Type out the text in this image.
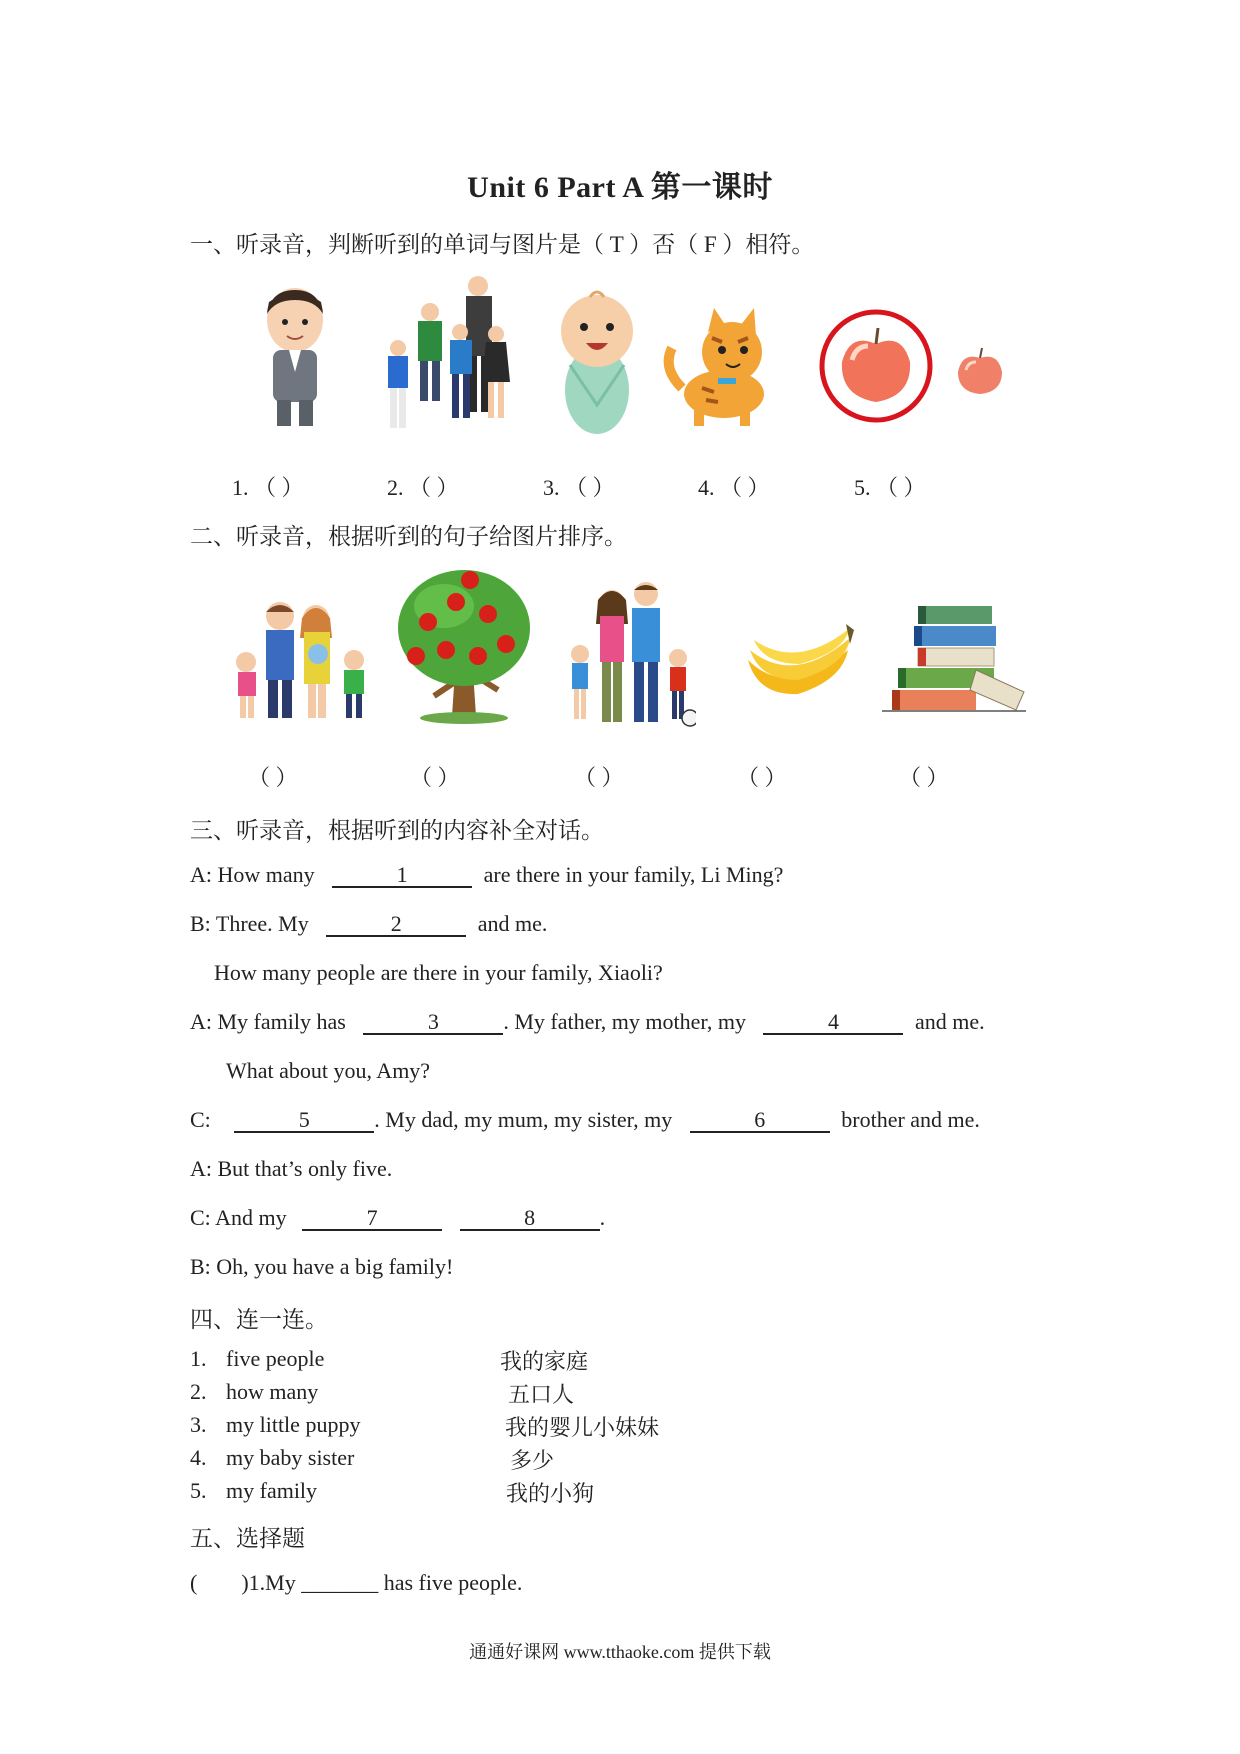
Unit 6 Part A 第一课时
一、听录音，判断听到的单词与图片是（ T ）否（ F ）相符。
1. （ ）	2. （ ）	3. （ ）	4. （ ）	5. （ ）
二、听录音，根据听到的句子给图片排序。
（ ）	（ ）	（ ）	（ ）	（ ）
三、听录音，根据听到的内容补全对话。
A: How many	1	are there in your family, Li Ming?
B: Three. My	2	and me.
How many people are there in your family, Xiaoli?
A: My family has	3	. My father, my mother, my	4	and me.
What about you, Amy?
C:	5	. My dad, my mum, my sister, my	6	brother and me.
A: But that’s only five.
C: And my	7	8	.
B: Oh, you have a big family!
四、连一连。
1. five people
2. how many
3. my little puppy
4. my baby sister
5. my family
我的家庭
五口人
我的婴儿小妹妹
多少
我的小狗
五、选择题
(        )1.My _______ has five people.
通通好课网 www.tthaoke.com 提供下载
